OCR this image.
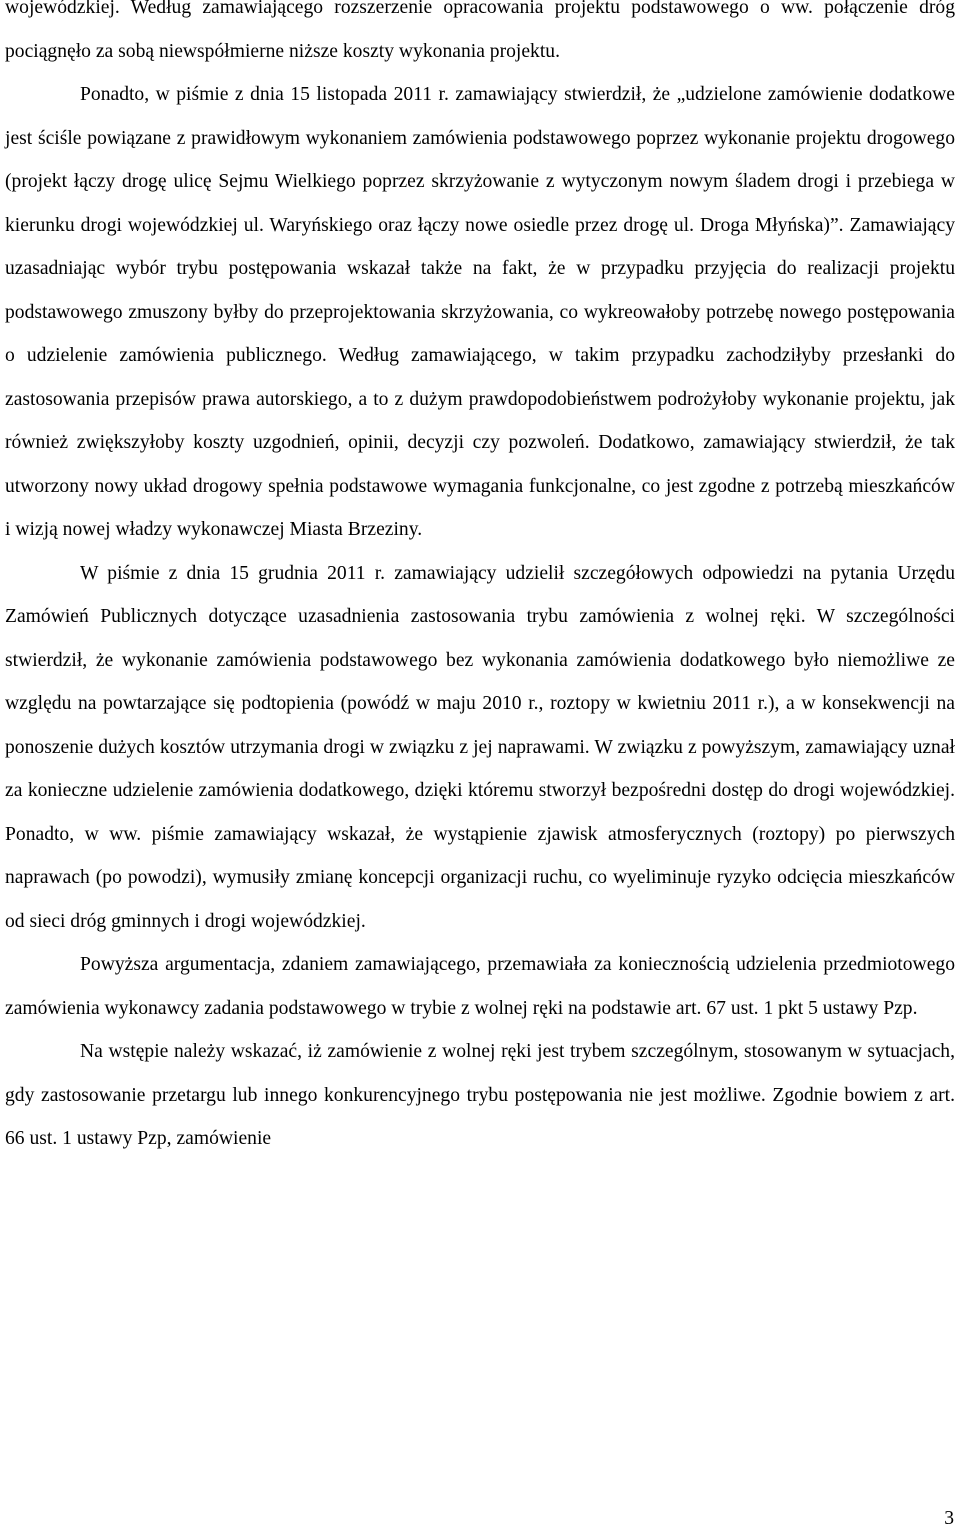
wojewódzkiej. Według zamawiającego rozszerzenie opracowania projektu podstawowego o ww. połączenie dróg pociągnęło za sobą niewspółmierne niższe koszty wykonania projektu.

Ponadto, w piśmie z dnia 15 listopada 2011 r. zamawiający stwierdził, że „udzielone zamówienie dodatkowe jest ściśle powiązane z prawidłowym wykonaniem zamówienia podstawowego poprzez wykonanie projektu drogowego (projekt łączy drogę ulicę Sejmu Wielkiego poprzez skrzyżowanie z wytyczonym nowym śladem drogi i przebiega w kierunku drogi wojewódzkiej ul. Waryńskiego oraz łączy nowe osiedle przez drogę ul. Droga Młyńska)”. Zamawiający uzasadniając wybór trybu postępowania wskazał także na fakt, że w przypadku przyjęcia do realizacji projektu podstawowego zmuszony byłby do przeprojektowania skrzyżowania, co wykreowałoby potrzebę nowego postępowania o udzielenie zamówienia publicznego. Według zamawiającego, w takim przypadku zachodziłyby przesłanki do zastosowania przepisów prawa autorskiego, a to z dużym prawdopodobieństwem podrożyłoby wykonanie projektu, jak również zwiększyłoby koszty uzgodnień, opinii, decyzji czy pozwoleń. Dodatkowo, zamawiający stwierdził, że tak utworzony nowy układ drogowy spełnia podstawowe wymagania funkcjonalne, co jest zgodne z potrzebą mieszkańców i wizją nowej władzy wykonawczej Miasta Brzeziny.

W piśmie z dnia 15 grudnia 2011 r. zamawiający udzielił szczegółowych odpowiedzi na pytania Urzędu Zamówień Publicznych dotyczące uzasadnienia zastosowania trybu zamówienia z wolnej ręki. W szczególności stwierdził, że wykonanie zamówienia podstawowego bez wykonania zamówienia dodatkowego było niemożliwe ze względu na powtarzające się podtopienia (powódź w maju 2010 r., roztopy w kwietniu 2011 r.), a w konsekwencji na ponoszenie dużych kosztów utrzymania drogi w związku z jej naprawami. W związku z powyższym, zamawiający uznał za konieczne udzielenie zamówienia dodatkowego, dzięki któremu stworzył bezpośredni dostęp do drogi wojewódzkiej. Ponadto, w ww. piśmie zamawiający wskazał, że wystąpienie zjawisk atmosferycznych (roztopy) po pierwszych naprawach (po powodzi), wymusiły zmianę koncepcji organizacji ruchu, co wyeliminuje ryzyko odcięcia mieszkańców od sieci dróg gminnych i drogi wojewódzkiej.

Powyższa argumentacja, zdaniem zamawiającego, przemawiała za koniecznością udzielenia przedmiotowego zamówienia wykonawcy zadania podstawowego w trybie z wolnej ręki na podstawie art. 67 ust. 1 pkt 5 ustawy Pzp.

Na wstępie należy wskazać, iż zamówienie z wolnej ręki jest trybem szczególnym, stosowanym w sytuacjach, gdy zastosowanie przetargu lub innego konkurencyjnego trybu postępowania nie jest możliwe. Zgodnie bowiem z art. 66 ust. 1 ustawy Pzp, zamówienie

3
